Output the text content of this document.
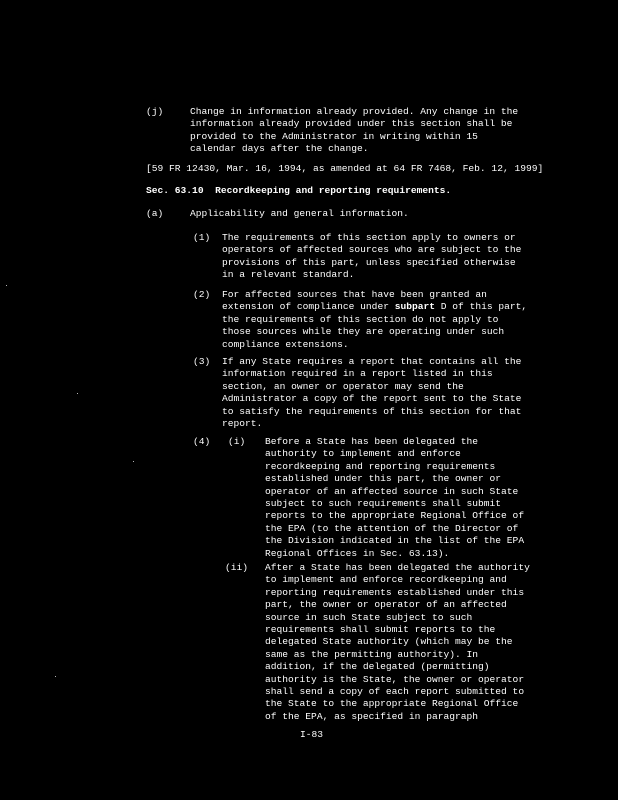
(j)	Change in information already provided. Any change in the
information already provided under this section shall be
provided to the Administrator in writing within 15
calendar days after the change.
[59 FR 12430, Mar. 16, 1994, as amended at 64 FR 7468, Feb. 12, 1999]
Sec. 63.10  Recordkeeping and reporting requirements.
(a)	Applicability and general information.
(1) The requirements of this section apply to owners or
operators of affected sources who are subject to the
provisions of this part, unless specified otherwise
in a relevant standard.
(2) For affected sources that have been granted an
extension of compliance under subpart D of this part,
the requirements of this section do not apply to
those sources while they are operating under such
compliance extensions.
(3) If any State requires a report that contains all the
information required in a report listed in this
section, an owner or operator may send the
Administrator a copy of the report sent to the State
to satisfy the requirements of this section for that
report.
(4) (i) Before a State has been delegated the
authority to implement and enforce
recordkeeping and reporting requirements
established under this part, the owner or
operator of an affected source in such State
subject to such requirements shall submit
reports to the appropriate Regional Office of
the EPA (to the attention of the Director of
the Division indicated in the list of the EPA
Regional Offices in Sec. 63.13).
(ii) After a State has been delegated the authority
to implement and enforce recordkeeping and
reporting requirements established under this
part, the owner or operator of an affected
source in such State subject to such
requirements shall submit reports to the
delegated State authority (which may be the
same as the permitting authority). In
addition, if the delegated (permitting)
authority is the State, the owner or operator
shall send a copy of each report submitted to
the State to the appropriate Regional Office
of the EPA, as specified in paragraph
I-83
